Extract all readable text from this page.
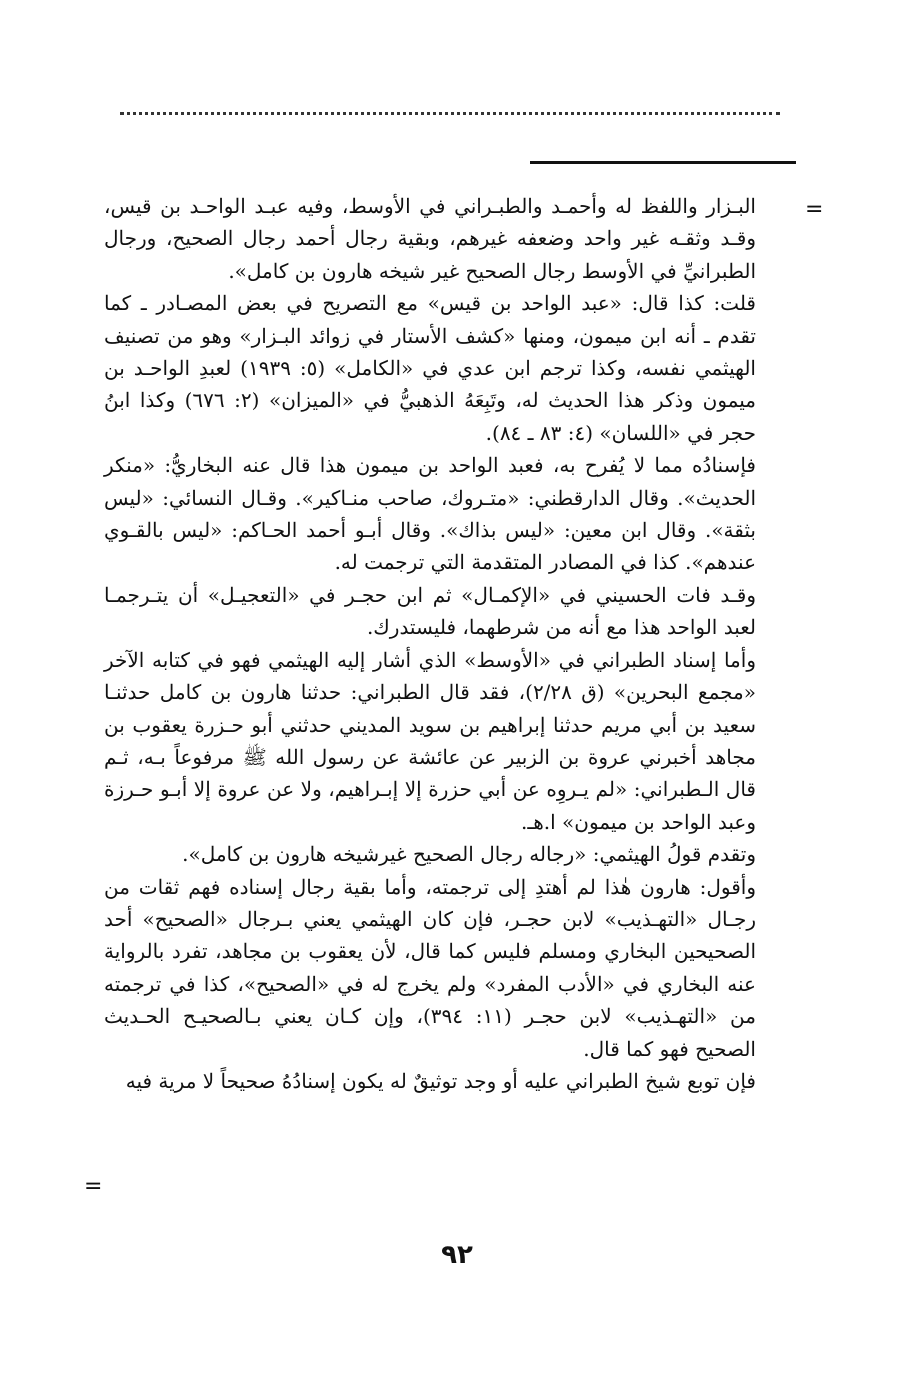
=

البـزار واللفظ له وأحمـد والطبـراني في الأوسط، وفيه عبـد الواحـد بن قيس، وقـد وثقـه غير واحد وضعفه غيرهم، وبقية رجال أحمد رجال الصحيح، ورجال الطبرانيِّ في الأوسط رجال الصحيح غير شيخه هارون بن كامل».

قلت: كذا قال: «عبد الواحد بن قيس» مع التصريح في بعض المصـادر ـ كما تقدم ـ أنه ابن ميمون، ومنها «كشف الأستار في زوائد البـزار» وهو من تصنيف الهيثمي نفسه، وكذا ترجم ابن عدي في «الكامل» (٥: ١٩٣٩) لعبدِ الواحـد بن ميمون وذكر هذا الحديث له، وتَبِعَهُ الذهبيُّ في «الميزان» (٢: ٦٧٦) وكذا ابنُ حجر في «اللسان» (٤: ٨٣ ـ ٨٤).

فإسنادُه مما لا يُفرح به، فعبد الواحد بن ميمون هذا قال عنه البخاريُّ: «منكر الحديث». وقال الدارقطني: «متـروك، صاحب منـاكير». وقـال النسائي: «ليس بثقة». وقال ابن معين: «ليس بذاك». وقال أبـو أحمد الحـاكم: «ليس بالقـوي عندهم». كذا في المصادر المتقدمة التي ترجمت له.

وقـد فات الحسيني في «الإكمـال» ثم ابن حجـر في «التعجيـل» أن يتـرجمـا لعبد الواحد هذا مع أنه من شرطهما، فليستدرك.

وأما إسناد الطبراني في «الأوسط» الذي أشار إليه الهيثمي فهو في كتابه الآخر «مجمع البحرين» (ق ٢/٢٨)، فقد قال الطبراني: حدثنا هارون بن كامل حدثنـا سعيد بن أبي مريم حدثنا إبراهيم بن سويد المديني حدثني أبو حـزرة يعقوب بن مجاهد أخبرني عروة بن الزبير عن عائشة عن رسول الله ﷺ مرفوعاً بـه، ثـم قال الـطبراني: «لم يـروِه عن أبي حزرة إلا إبـراهيم، ولا عن عروة إلا أبـو حـرزة وعبد الواحد بن ميمون» ا.هـ.

وتقدم قولُ الهيثمي: «رجاله رجال الصحيح غيرشيخه هارون بن كامل».

وأقول: هارون هٰذا لم أهتدِ إلى ترجمته، وأما بقية رجال إسناده فهم ثقات من رجـال «التهـذيب» لابن حجـر، فإن كان الهيثمي يعني بـرجال «الصحيح» أحد الصحيحين البخاري ومسلم فليس كما قال، لأن يعقوب بن مجاهد، تفرد بالرواية عنه البخاري في «الأدب المفرد» ولم يخرج له في «الصحيح»، كذا في ترجمته من «التهـذيب» لابن حجـر (١١: ٣٩٤)، وإن كـان يعني بـالصحيـح الحـديث الصحيح فهو كما قال.

فإن توبع شيخ الطبراني عليه أو وجد توثيقٌ له يكون إسنادُهُ صحيحاً لا مرية فيه

=
٩٢
